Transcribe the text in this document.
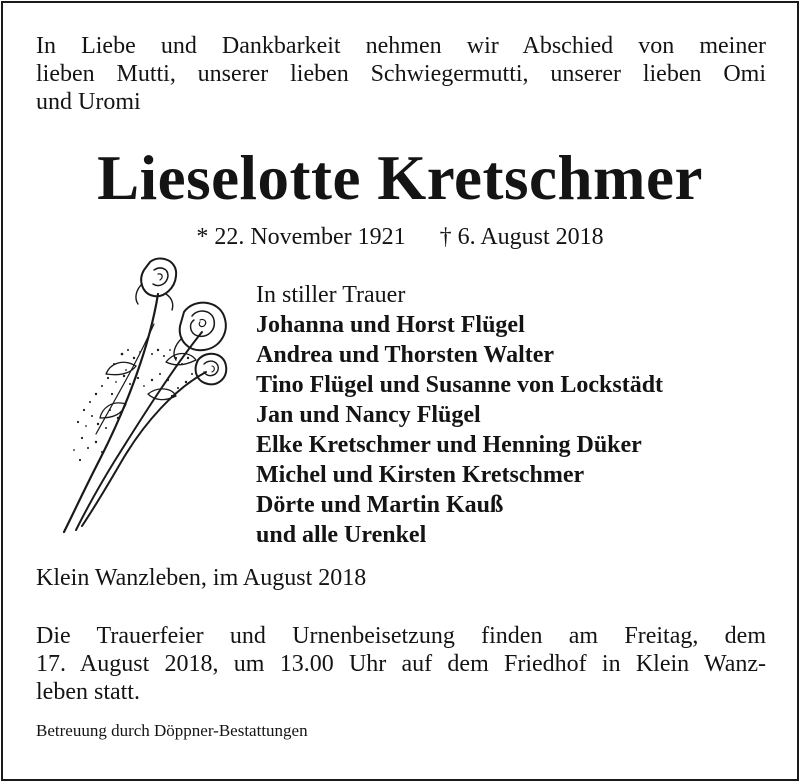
In Liebe und Dankbarkeit nehmen wir Abschied von meiner
lieben Mutti, unserer lieben Schwiegermutti, unserer lieben Omi
und Uromi

Lieselotte Kretschmer
* 22. November 1921 † 6. August 2018
In stiller Trauer
Johanna und Horst Flügel
Andrea und Thorsten Walter
Tino Flügel und Susanne von Lockstädt
Jan und Nancy Flügel
Elke Kretschmer und Henning Düker
Michel und Kirsten Kretschmer
Dörte und Martin Kauß
und alle Urenkel
Klein Wanzleben, im August 2018

Die Trauerfeier und Urnenbeisetzung finden am Freitag, dem
17. August 2018, um 13.00 Uhr auf dem Friedhof in Klein Wanz-
leben statt.

Betreuung durch Döppner-Bestattungen
